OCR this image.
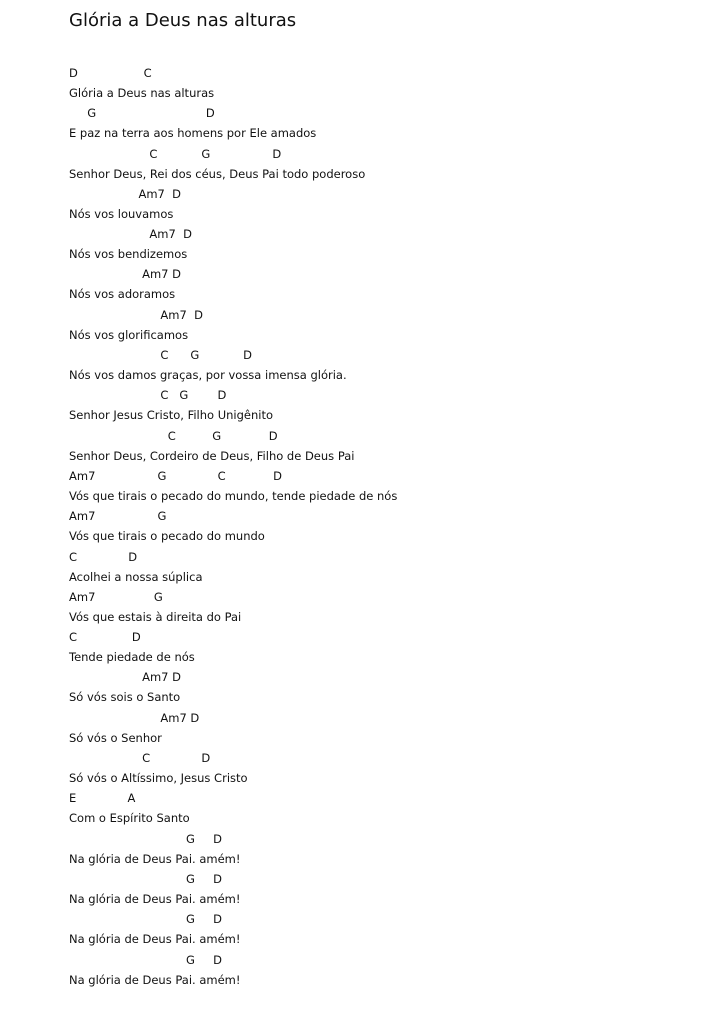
Glória a Deus nas alturas
D                  C
Glória a Deus nas alturas
G                              D
E paz na terra aos homens por Ele amados
C            G                 D
Senhor Deus, Rei dos céus, Deus Pai todo poderoso
Am7  D
Nós vos louvamos
Am7  D
Nós vos bendizemos
Am7 D
Nós vos adoramos
Am7  D
Nós vos glorificamos
C      G            D
Nós vos damos graças, por vossa imensa glória.
C   G        D
Senhor Jesus Cristo, Filho Unigênito
C          G             D
Senhor Deus, Cordeiro de Deus, Filho de Deus Pai
Am7                 G              C             D
Vós que tirais o pecado do mundo, tende piedade de nós
Am7                 G
Vós que tirais o pecado do mundo
C              D
Acolhei a nossa súplica
Am7                G
Vós que estais à direita do Pai
C               D
Tende piedade de nós
Am7 D
Só vós sois o Santo
Am7 D
Só vós o Senhor
C              D
Só vós o Altíssimo, Jesus Cristo
E              A
Com o Espírito Santo
G     D
Na glória de Deus Pai. amém!
G     D
Na glória de Deus Pai. amém!
G     D
Na glória de Deus Pai. amém!
G     D
Na glória de Deus Pai. amém!
